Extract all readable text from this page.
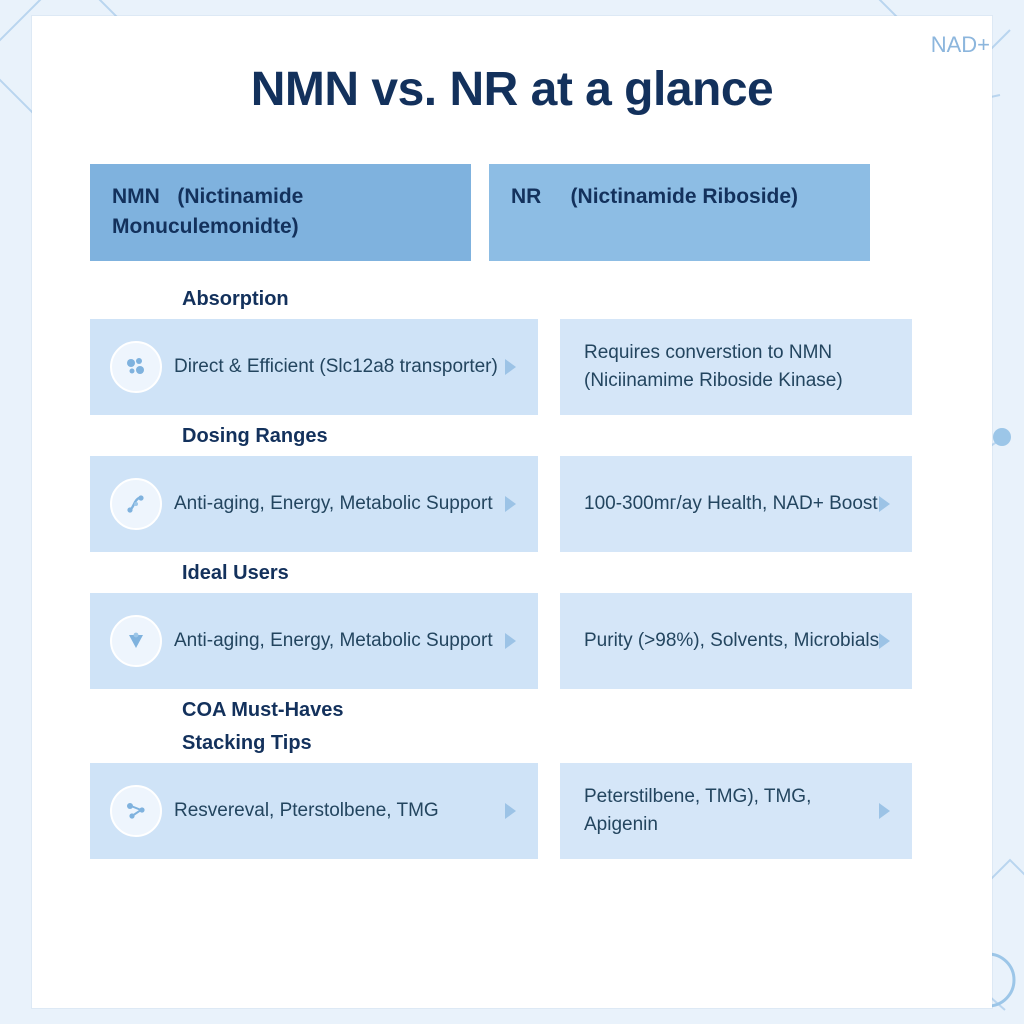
NMN vs. NR at a glance
NMN (Nictinamide Monuculemonidte)
NR (Nictinamide Riboside)
Absorption
Direct & Efficient (Slc12a8 transporter)
Requires converstion to NMN (Niciinamime Riboside Kinase)
Dosing Ranges
Anti-aging, Energy, Metabolic Support	100-300mг/ay Health, NAD+ Boost
Ideal Users
Anti-aging, Energy, Metabolic Support	Purity (>98%), Solvents, Microbials
COA Must-Haves
Stacking Tips
Resvereval, Pterstolbene, TMG
Peterstilbene, TMG), TMG, Apigenin
NAD+
